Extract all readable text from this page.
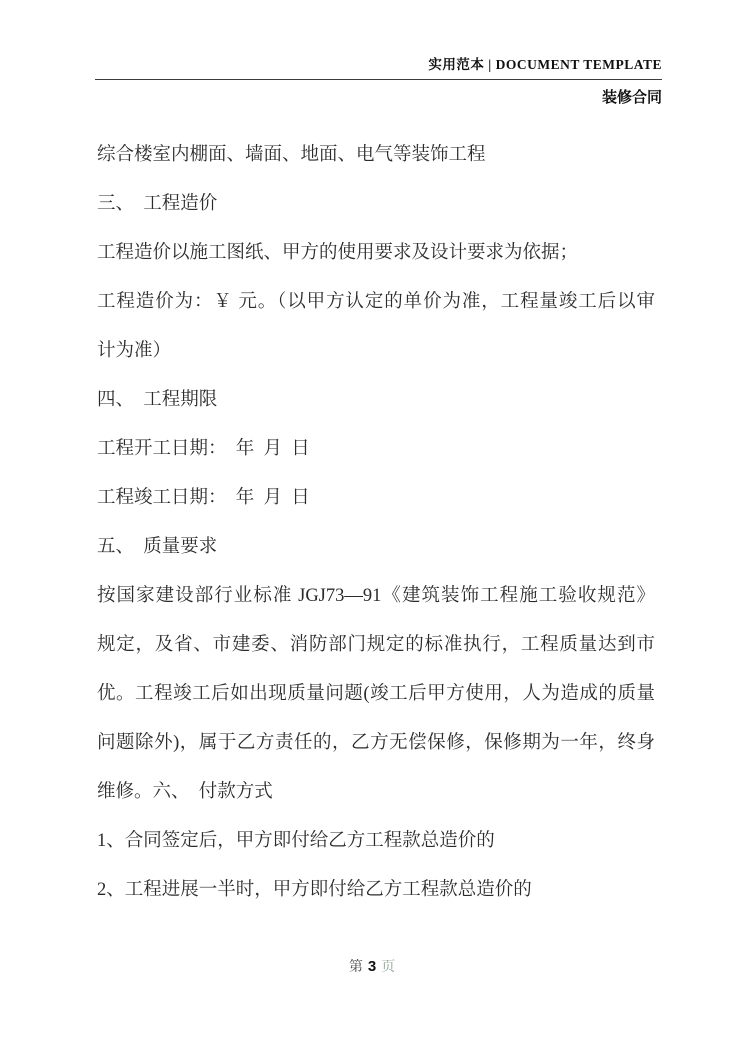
实用范本 | DOCUMENT TEMPLATE
装修合同
综合楼室内棚面、墙面、地面、电气等装饰工程
三、  工程造价
工程造价以施工图纸、甲方的使用要求及设计要求为依据；
工程造价为：￥ 元。（以甲方认定的单价为准，工程量竣工后以审
计为准）
四、  工程期限
工程开工日期：  年  月  日
工程竣工日期：  年  月  日
五、  质量要求
按国家建设部行业标准 JGJ73—91《建筑装饰工程施工验收规范》
规定，及省、市建委、消防部门规定的标准执行，工程质量达到市
优。工程竣工后如出现质量问题(竣工后甲方使用，人为造成的质量
问题除外)，属于乙方责任的，乙方无偿保修，保修期为一年，终身
维修。六、  付款方式
1、合同签定后，甲方即付给乙方工程款总造价的
2、工程进展一半时，甲方即付给乙方工程款总造价的
第 3 页
